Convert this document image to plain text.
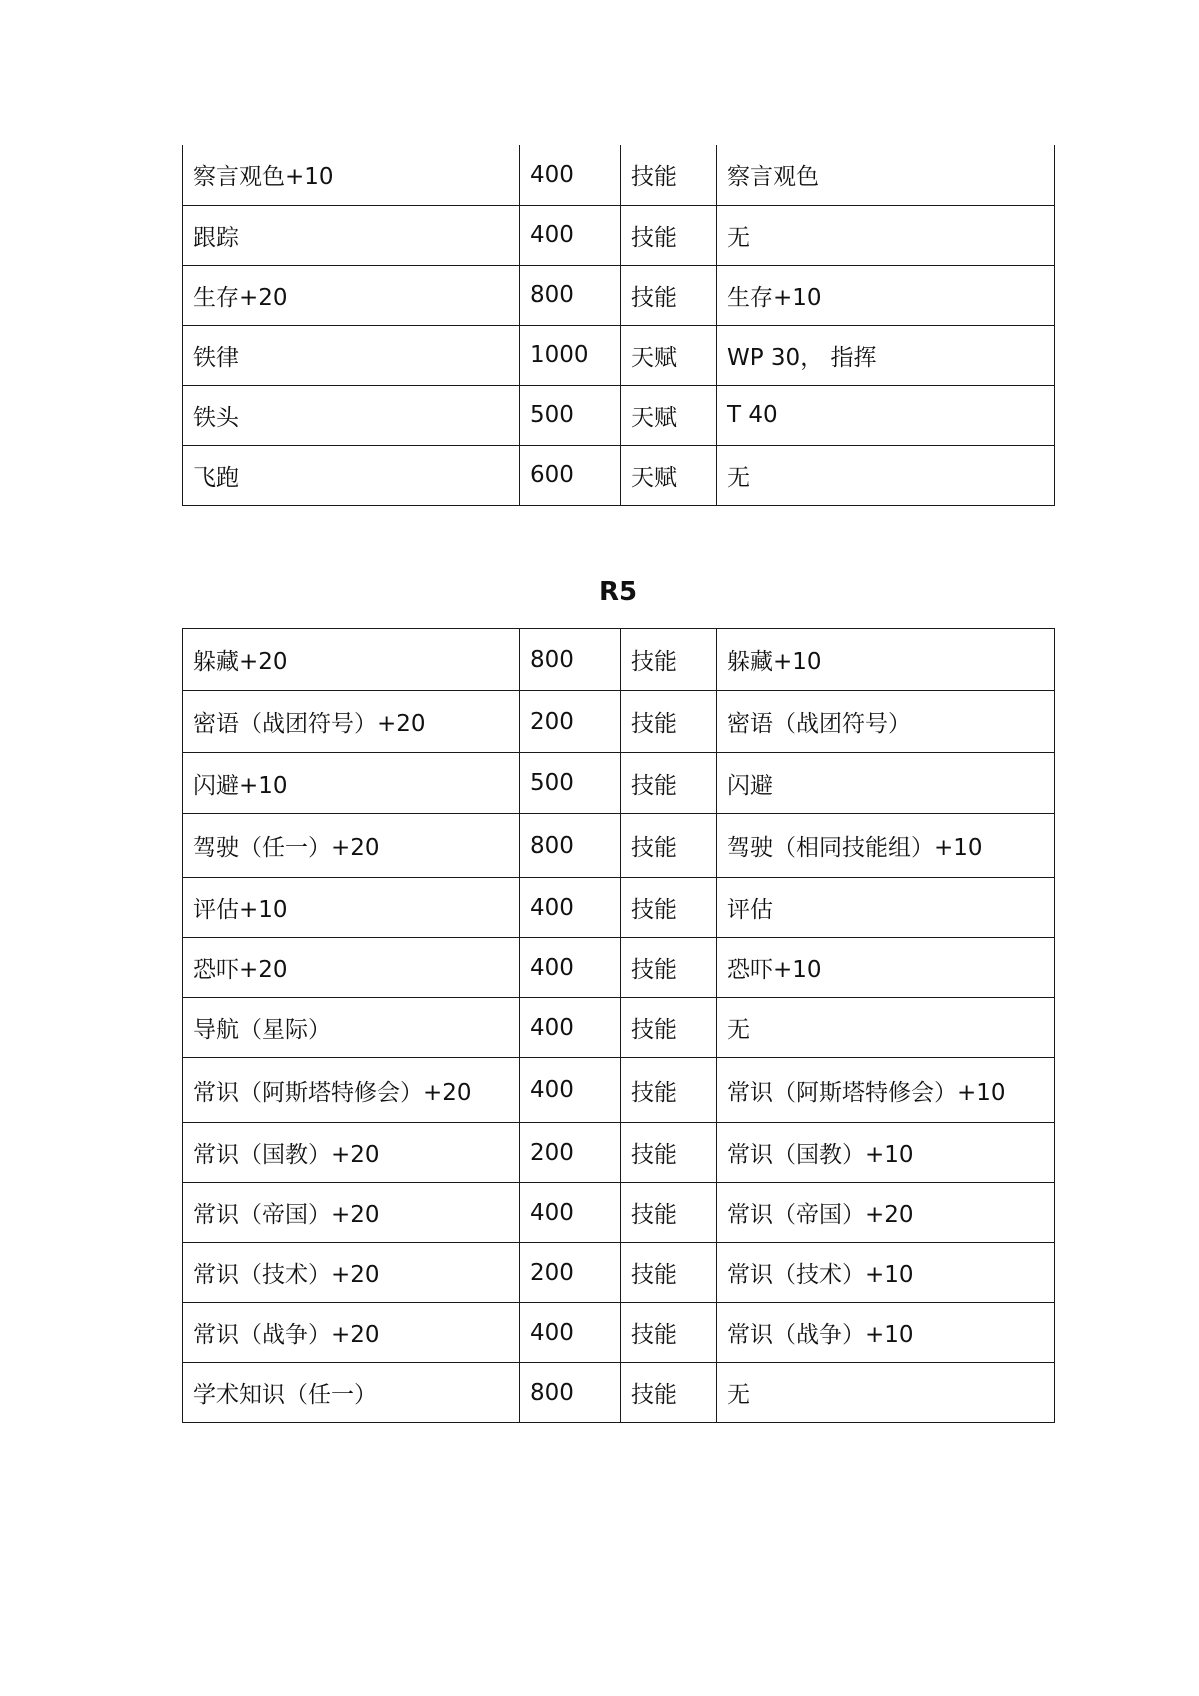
察言观色+10	400	技能	察言观色
跟踪	400	技能	无
生存+20	800	技能	生存+10
铁律	1000	天赋	WP 30， 指挥
铁头	500	天赋	T 40
飞跑	600	天赋	无
R5
躲藏+20	800	技能	躲藏+10
密语（战团符号）+20	200	技能	密语（战团符号）
闪避+10	500	技能	闪避
驾驶（任一）+20	800	技能	驾驶（相同技能组）+10
评估+10	400	技能	评估
恐吓+20	400	技能	恐吓+10
导航（星际）	400	技能	无
常识（阿斯塔特修会）+20	400	技能	常识（阿斯塔特修会）+10
常识（国教）+20	200	技能	常识（国教）+10
常识（帝国）+20	400	技能	常识（帝国）+20
常识（技术）+20	200	技能	常识（技术）+10
常识（战争）+20	400	技能	常识（战争）+10
学术知识（任一）	800	技能	无
